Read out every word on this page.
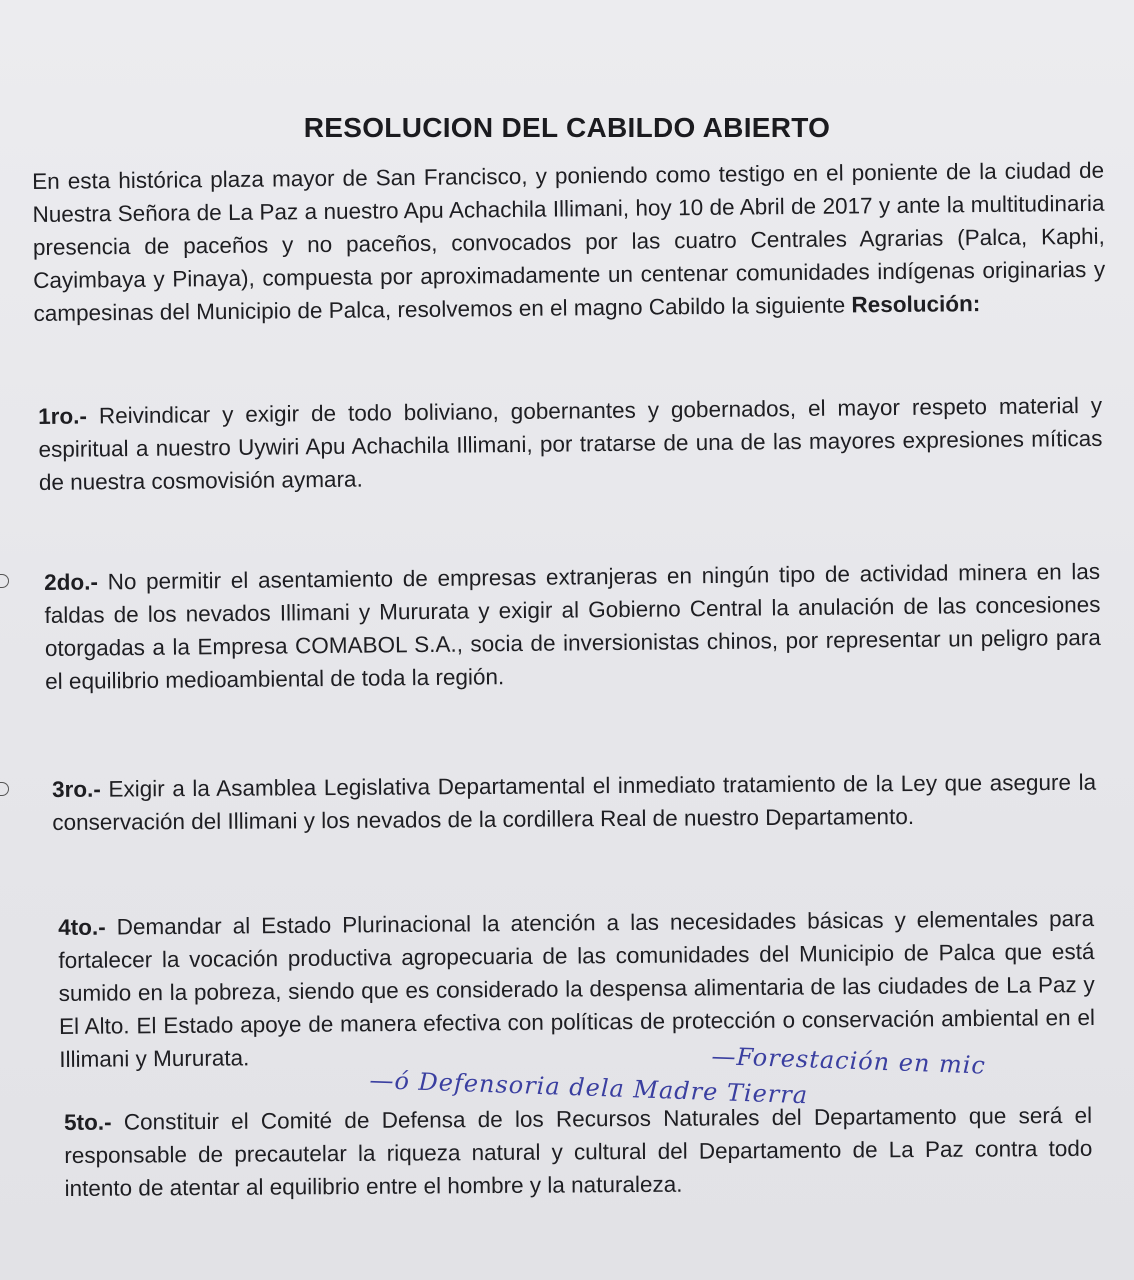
RESOLUCION DEL CABILDO ABIERTO

En esta histórica plaza mayor de San Francisco, y poniendo como testigo en el poniente de la ciudad de Nuestra Señora de La Paz a nuestro Apu Achachila Illimani, hoy 10 de Abril de 2017 y ante la multitudinaria presencia de paceños y no paceños, convocados por las cuatro Centrales Agrarias (Palca, Kaphi, Cayimbaya y Pinaya), compuesta por aproximadamente un centenar comunidades indígenas originarias y campesinas del Municipio de Palca, resolvemos en el magno Cabildo la siguiente Resolución:

1ro.- Reivindicar y exigir de todo boliviano, gobernantes y gobernados, el mayor respeto material y espiritual a nuestro Uywiri Apu Achachila Illimani, por tratarse de una de las mayores expresiones míticas de nuestra cosmovisión aymara.

2do.- No permitir el asentamiento de empresas extranjeras en ningún tipo de actividad minera en las faldas de los nevados Illimani y Mururata y exigir al Gobierno Central la anulación de las concesiones otorgadas a la Empresa COMABOL S.A., socia de inversionistas chinos, por representar un peligro para el equilibrio medioambiental de toda la región.

3ro.- Exigir a la Asamblea Legislativa Departamental el inmediato tratamiento de la Ley que asegure la conservación del Illimani y los nevados de la cordillera Real de nuestro Departamento.

4to.- Demandar al Estado Plurinacional la atención a las necesidades básicas y elementales para fortalecer la vocación productiva agropecuaria de las comunidades del Municipio de Palca que está sumido en la pobreza, siendo que es considerado la despensa alimentaria de las ciudades de La Paz y El Alto. El Estado apoye de manera efectiva con políticas de protección o conservación ambiental en el Illimani y Mururata.	—Forestación en mic
—ó Defensoria dela Madre Tierra

5to.- Constituir el Comité de Defensa de los Recursos Naturales del Departamento que será el responsable de precautelar la riqueza natural y cultural del Departamento de La Paz contra todo intento de atentar al equilibrio entre el hombre y la naturaleza.
